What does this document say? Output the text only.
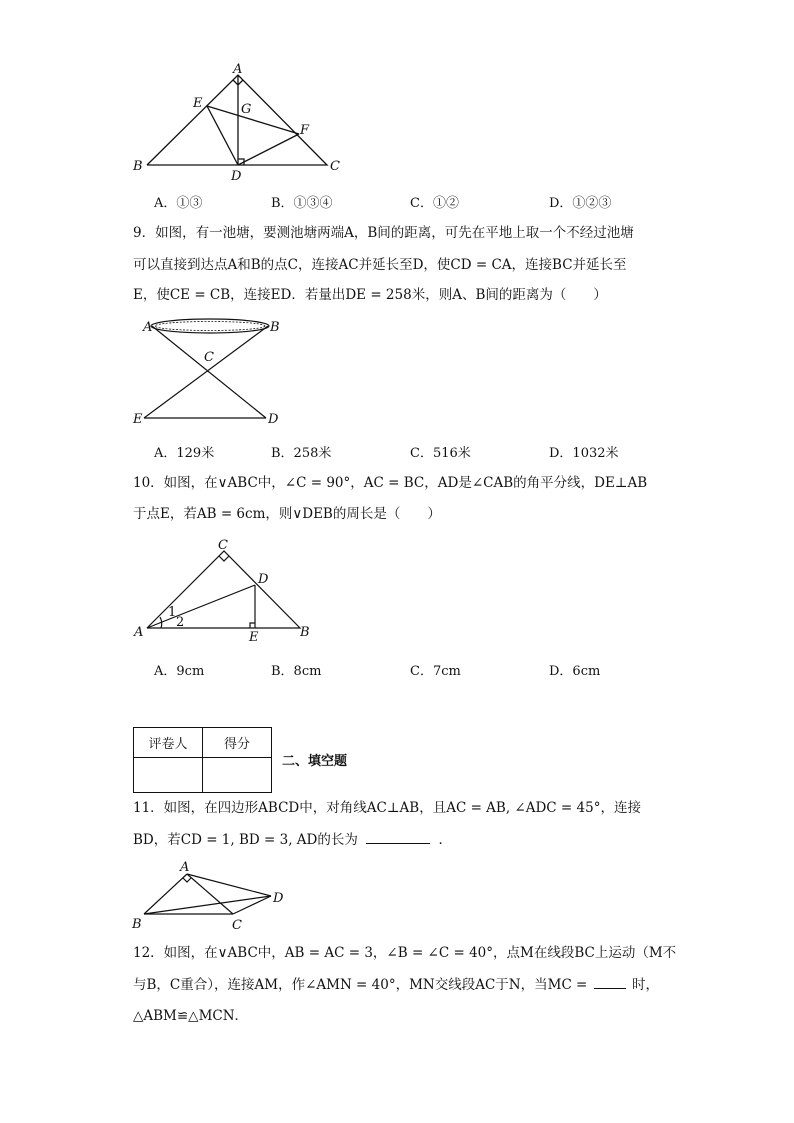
A
E	G
F
B
D
C
A．①③	B．①③④	C．①②	D．①②③
9．如图，有一池塘，要测池塘两端A，B间的距离，可先在平地上取一个不经过池塘
可以直接到达点A和B的点C，连接AC并延长至D，使CD = CA，连接BC并延长至
E，使CE = CB，连接ED．若量出DE = 258米，则A、B间的距离为（　　）
A	B
C
E	D
A．129米	B．258米	C．516米	D．1032米
10．如图，在∨ABC中，∠C = 90°，AC = BC，AD是∠CAB的角平分线，DE⊥AB
于点E，若AB = 6cm，则∨DEB的周长是（　　）
C
D
1
2
A	E	B
A．9cm	B．8cm	C．7cm	D．6cm
评卷人	得分

二、填空题
11．如图，在四边形ABCD中，对角线AC⊥AB，且AC = AB, ∠ADC = 45°，连接
BD，若CD = 1, BD = 3, AD的长为	．
A
D
B	C
12．如图，在∨ABC中，AB = AC = 3，∠B = ∠C = 40°，点M在线段BC上运动（M不
与B，C重合），连接AM，作∠AMN = 40°，MN交线段AC于N，当MC =	时，
△ABM≌△MCN．
